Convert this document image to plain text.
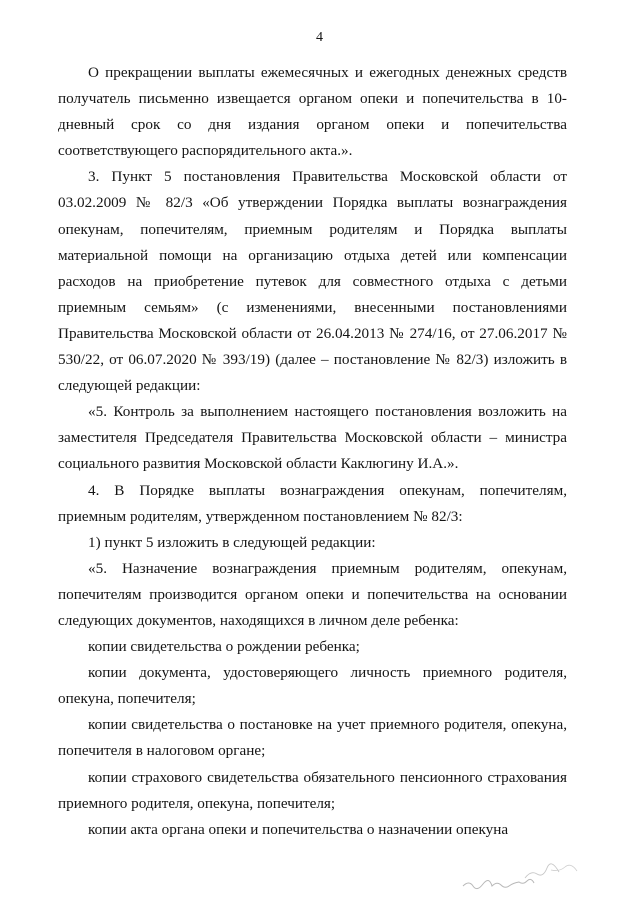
4

О прекращении выплаты ежемесячных и ежегодных денежных средств получатель письменно извещается органом опеки и попечительства в 10-дневный срок со дня издания органом опеки и попечительства соответствующего распорядительного акта.».

3. Пункт 5 постановления Правительства Московской области от 03.02.2009 № 82/3 «Об утверждении Порядка выплаты вознаграждения опекунам, попечителям, приемным родителям и Порядка выплаты материальной помощи на организацию отдыха детей или компенсации расходов на приобретение путевок для совместного отдыха с детьми приемным семьям» (с изменениями, внесенными постановлениями Правительства Московской области от 26.04.2013 № 274/16, от 27.06.2017 № 530/22, от 06.07.2020 № 393/19) (далее – постановление № 82/3) изложить в следующей редакции:

«5. Контроль за выполнением настоящего постановления возложить на заместителя Председателя Правительства Московской области – министра социального развития Московской области Каклюгину И.А.».

4. В Порядке выплаты вознаграждения опекунам, попечителям, приемным родителям, утвержденном постановлением № 82/3:

1) пункт 5 изложить в следующей редакции:

«5. Назначение вознаграждения приемным родителям, опекунам, попечителям производится органом опеки и попечительства на основании следующих документов, находящихся в личном деле ребенка:

копии свидетельства о рождении ребенка;

копии документа, удостоверяющего личность приемного родителя, опекуна, попечителя;

копии свидетельства о постановке на учет приемного родителя, опекуна, попечителя в налоговом органе;

копии страхового свидетельства обязательного пенсионного страхования приемного родителя, опекуна, попечителя;

копии акта органа опеки и попечительства о назначении опекуна
